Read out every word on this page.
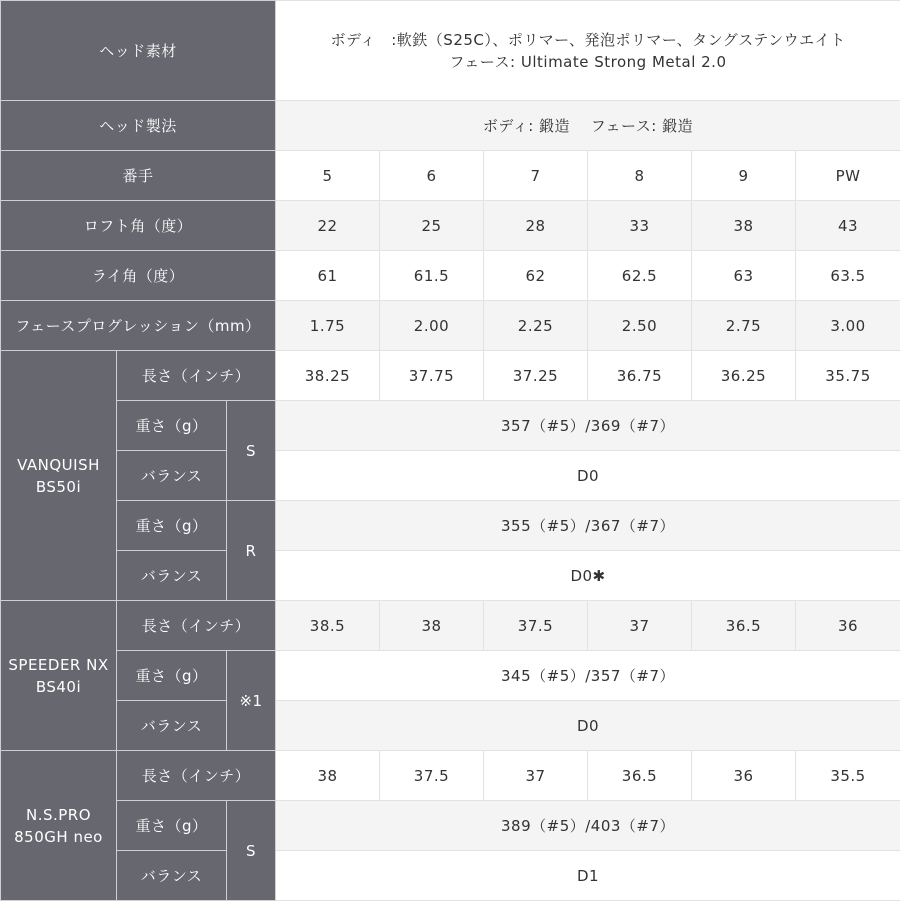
ヘッド素材			ボディ　:軟鉄（S25C）、ポリマー、発泡ポリマー、タングステンウエイト
フェース: Ultimate Strong Metal 2.0					

ヘッド製法			ボディ: 鍛造　 フェース: 鍛造					
番手			5	6	7	8	9	PW
ロフト角（度）			22	25	28	33	38	43
ライ角（度）			61	61.5	62	62.5	63	63.5
フェースプログレッション（mm）			1.75	2.00	2.25	2.50	2.75	3.00

VANQUISH
BS50i	長さ（インチ）		38.25	37.75	37.25	36.75	36.25	35.75
	重さ（g）	S	357（#5）/369（#7）					
	バランス		D0					
	重さ（g）	R	355（#5）/367（#7）					
	バランス		D0✱					

SPEEDER NX
BS40i	長さ（インチ）		38.5	38	37.5	37	36.5	36
	重さ（g）	※1	345（#5）/357（#7）					
	バランス		D0					

N.S.PRO
850GH neo	長さ（インチ）		38	37.5	37	36.5	36	35.5
	重さ（g）	S	389（#5）/403（#7）					
	バランス		D1					
